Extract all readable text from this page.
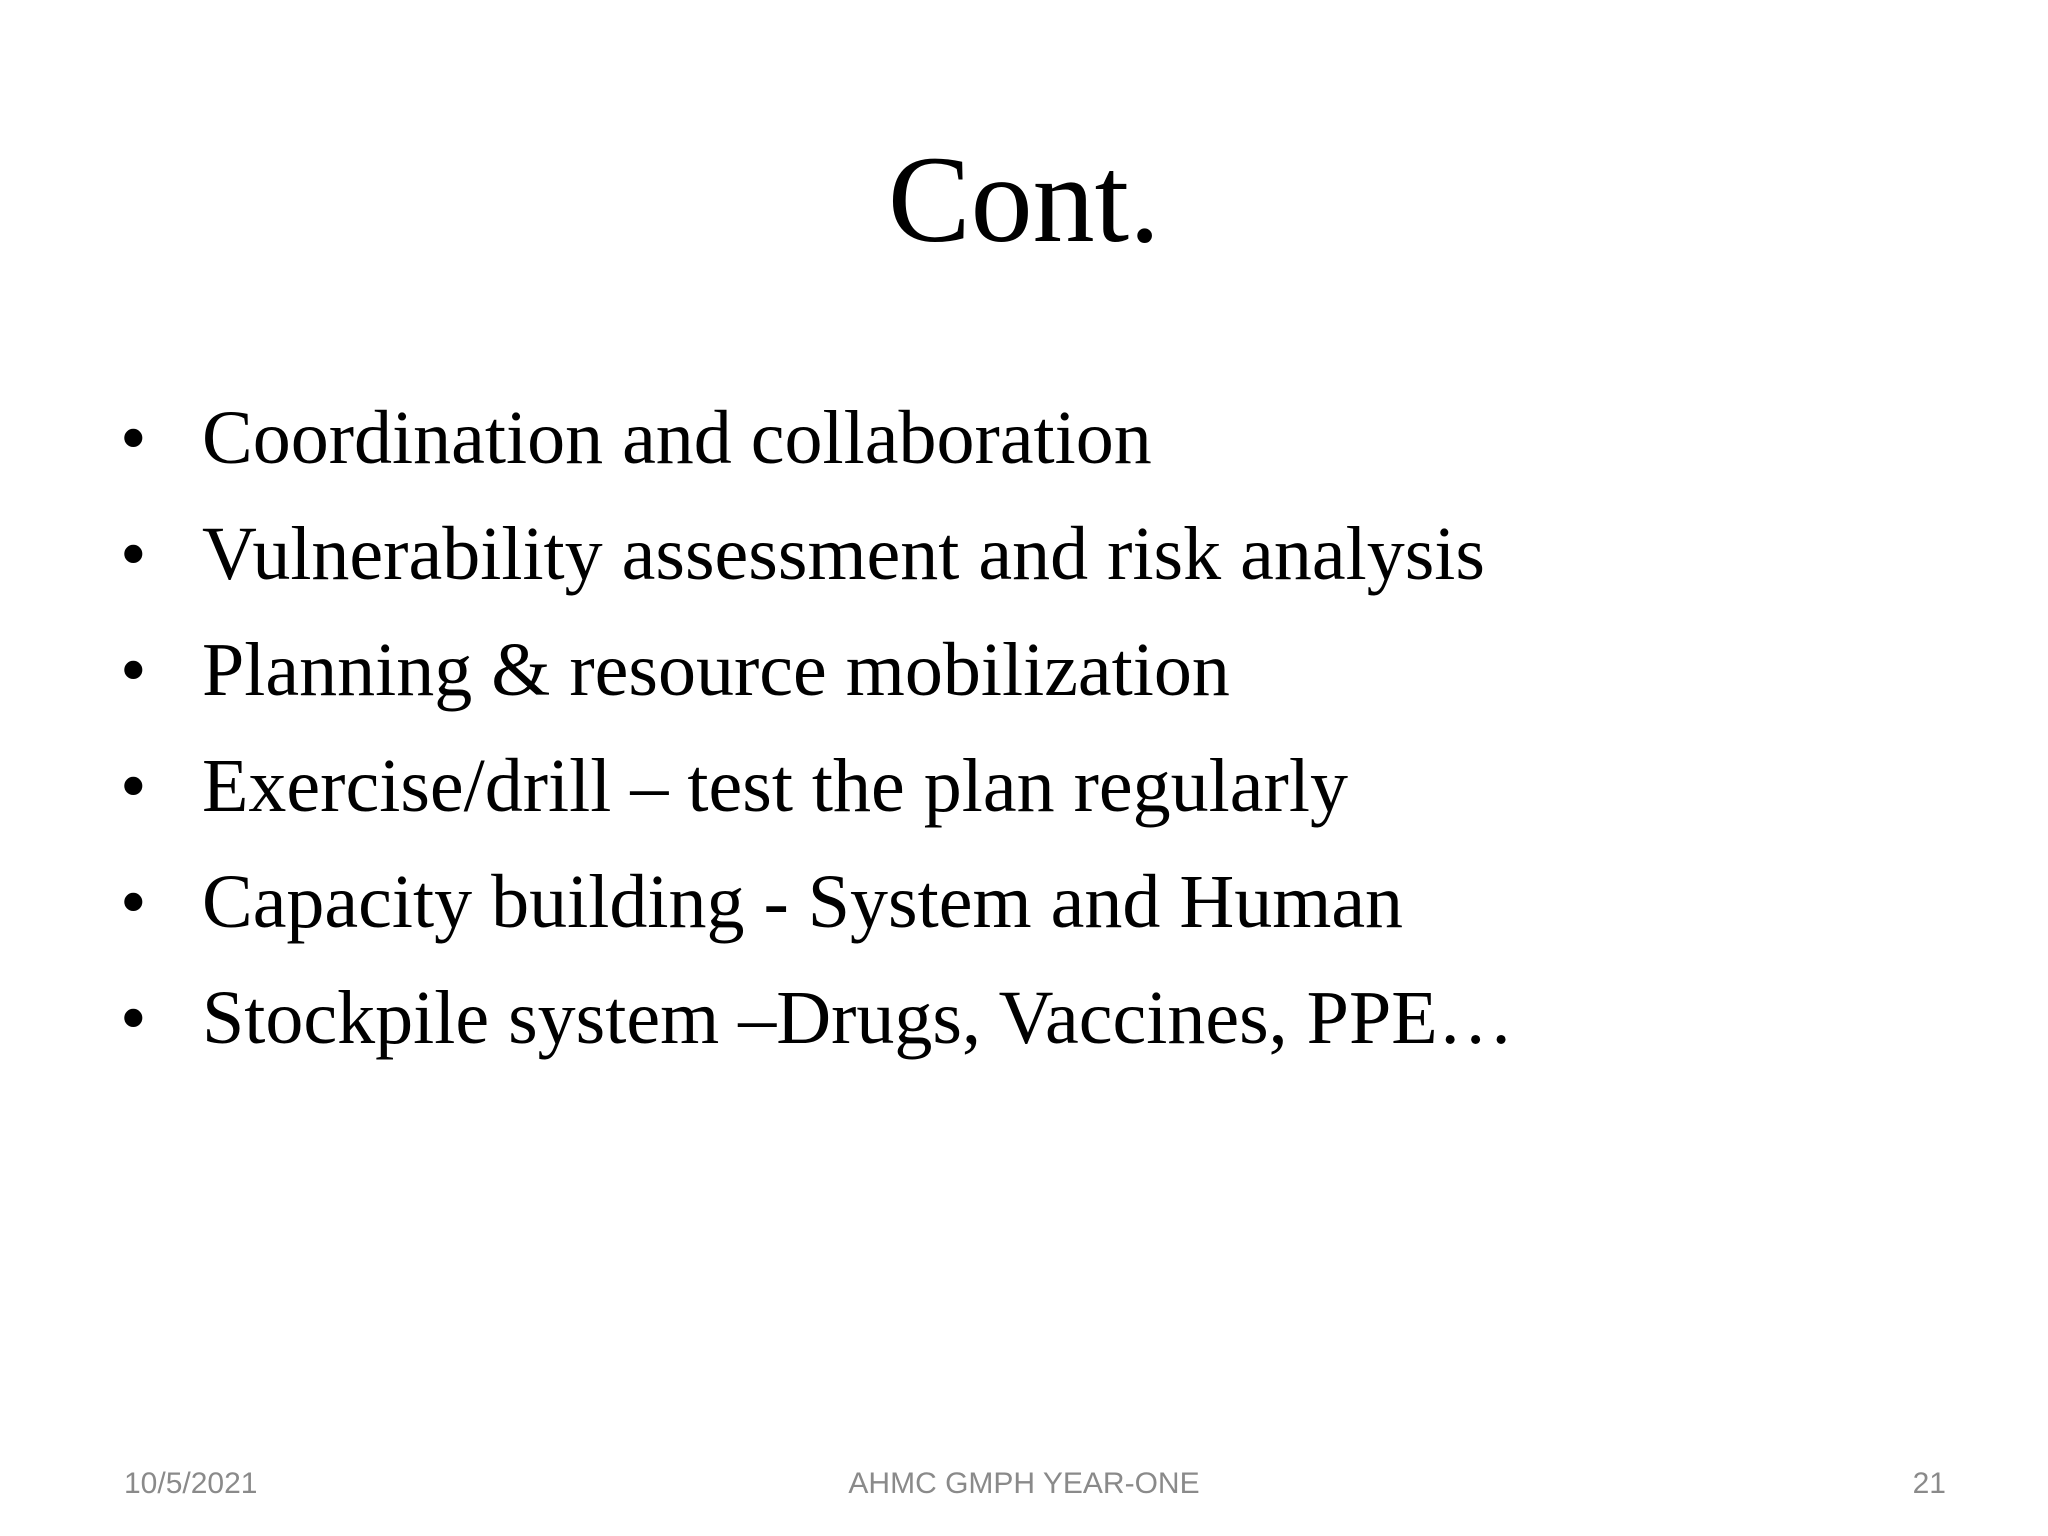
Cont.
• Coordination and collaboration
• Vulnerability assessment and risk analysis
• Planning & resource mobilization
• Exercise/drill – test the plan regularly
• Capacity building - System and Human
• Stockpile system –Drugs, Vaccines, PPE…
10/5/2021	AHMC GMPH YEAR-ONE	21
